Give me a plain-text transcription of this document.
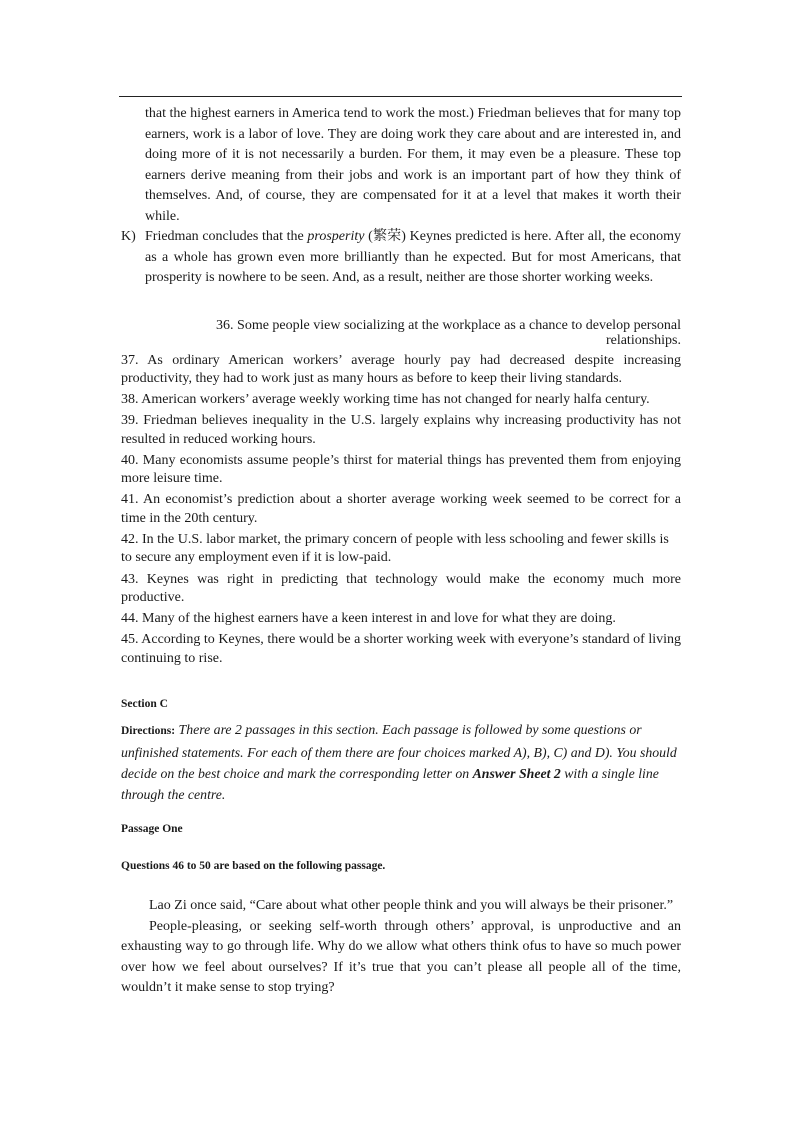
that the highest earners in America tend to work the most.) Friedman believes that for many top earners, work is a labor of love. They are doing work they care about and are interested in, and doing more of it is not necessarily a burden. For them, it may even be a pleasure. These top earners derive meaning from their jobs and work is an important part of how they think of themselves. And, of course, they are compensated for it at a level that makes it worth their while.

K) Friedman concludes that the prosperity (繁荣) Keynes predicted is here. After all, the economy as a whole has grown even more brilliantly than he expected. But for most Americans, that prosperity is nowhere to be seen. And, as a result, neither are those shorter working weeks.

36. Some people view socializing at the workplace as a chance to develop personal relationships.

37. As ordinary American workers’ average hourly pay had decreased despite increasing productivity, they had to work just as many hours as before to keep their living standards.

38. American workers’ average weekly working time has not changed for nearly halfa century.

39. Friedman believes inequality in the U.S. largely explains why increasing productivity has not resulted in reduced working hours.

40. Many economists assume people’s thirst for material things has prevented them from enjoying more leisure time.

41. An economist’s prediction about a shorter average working week seemed to be correct for a time in the 20th century.

42. In the U.S. labor market, the primary concern of people with less schooling and fewer skills is to secure any employment even if it is low-paid.

43. Keynes was right in predicting that technology would make the economy much more productive.

44. Many of the highest earners have a keen interest in and love for what they are doing.

45. According to Keynes, there would be a shorter working week with everyone’s standard of living continuing to rise.

Section C

Directions: There are 2 passages in this section. Each passage is followed by some questions or unfinished statements. For each of them there are four choices marked A), B), C) and D). You should decide on the best choice and mark the corresponding letter on Answer Sheet 2 with a single line through the centre.

Passage One

Questions 46 to 50 are based on the following passage.

Lao Zi once said, “Care about what other people think and you will always be their prisoner.”

People-pleasing, or seeking self-worth through others’ approval, is unproductive and an exhausting way to go through life. Why do we allow what others think ofus to have so much power over how we feel about ourselves? If it’s true that you can’t please all people all of the time, wouldn’t it make sense to stop trying?
